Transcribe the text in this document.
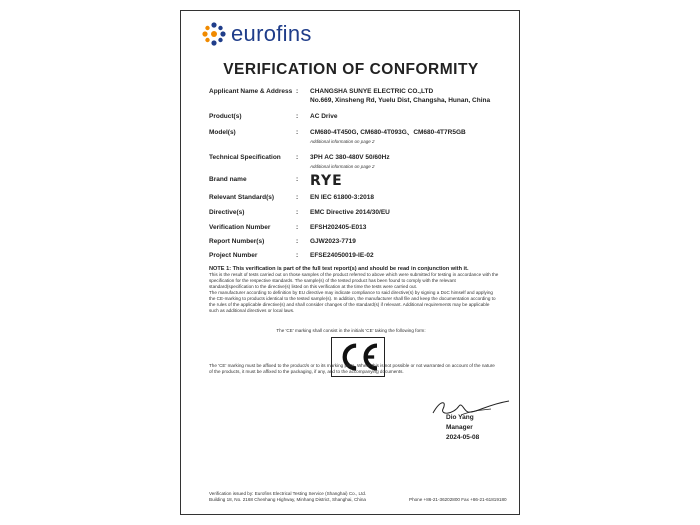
eurofins
VERIFICATION OF CONFORMITY
Applicant Name & Address : CHANGSHA SUNYE ELECTRIC CO.,LTD
No.669, Xinsheng Rd, Yuelu Dist, Changsha, Hunan, China
Product(s)	: AC Drive
Model(s)	: CM680-4T450G, CM680-4T093G、CM680-4T7R5GB
Additional information on page 2
Technical Specification : 3PH AC 380-480V 50/60Hz
Additional information on page 2
Brand name	: RYE
Relevant Standard(s)	: EN IEC 61800-3:2018
Directive(s)	: EMC Directive 2014/30/EU
Verification Number	: EFSH202405-E013
Report Number(s)	: GJW2023-7719
Project Number	: EFSE24050019-IE-02
NOTE 1: This verification is part of the full test report(s) and should be read in conjunction with it.
This is the result of tests carried out on those samples of the product referred to above which were submitted for testing in accordance with the specification for the respective standards. The sample(s) of the tested product has been found to comply with the relevant standard(specification to the directive(s) listed on this verification at the time the tests were carried out.
The manufacturer according to definition by EU directive may indicate compliance to said directive(s) by signing a DoC himself and applying the CE-marking to products identical to the tested sample(s). In addition, the manufacturer shall file and keep the documentation according to the rules of the applicable directive(s) and shall consider changes of the standard(s) if relevant. Additional requirements may be applicable such as additional directives or local laws.
The 'CE' marking shall consist in the initials 'CE' taking the following form:
The 'CE' marking must be affixed to the product/s or to its marking plate. Where this is not possible or not warranted on account of the nature of the products, it must be affixed to the packaging, if any, and to the accompanying documents.
Dio Yang
Manager
2024-05-08
Verification issued by: Eurofins Electrical Testing Service (Shanghai) Co., Ltd.
Building 18, No. 2168 Chenhang Highway, Minhang District, Shanghai, China	Phone +86-21-36202800 Fax +86-21-61819180
